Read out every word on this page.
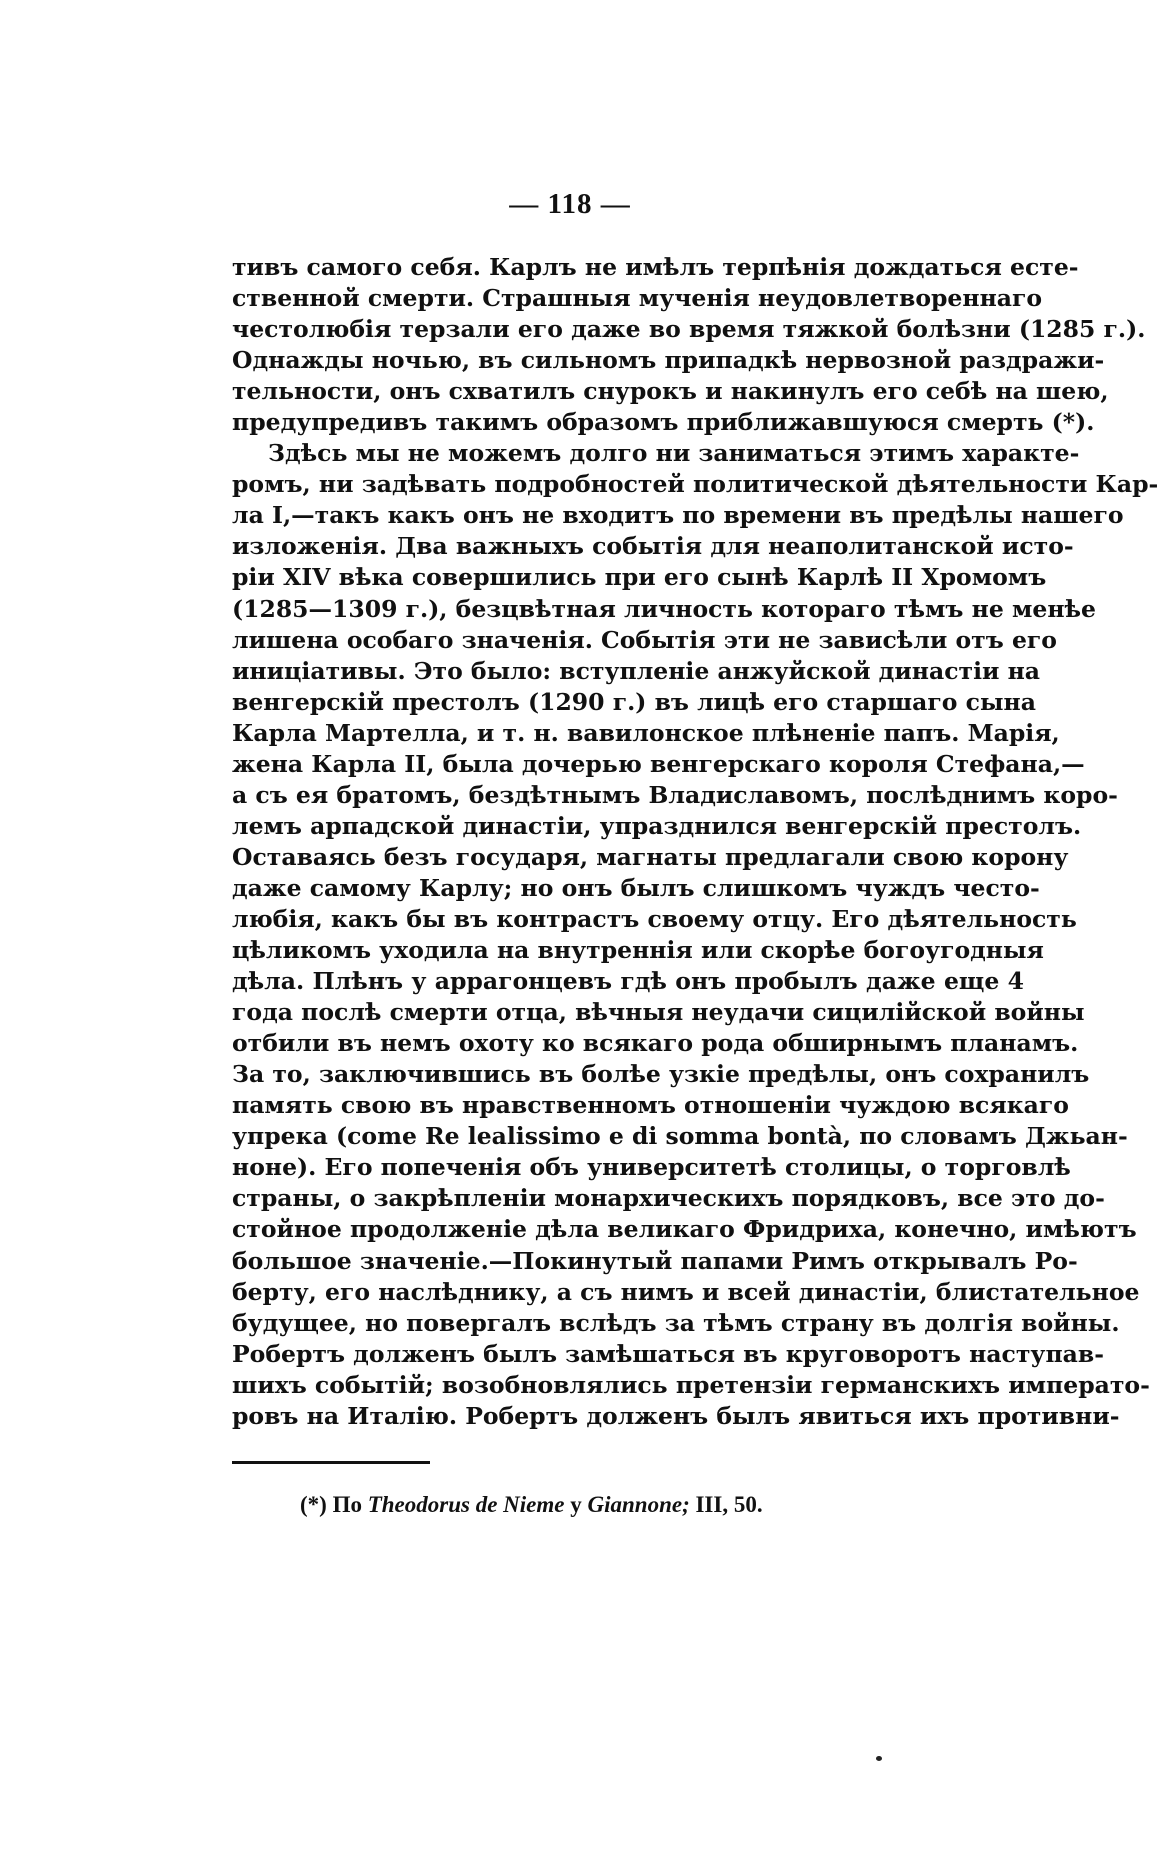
— 118 —
тивъ самого себя. Карлъ не имѣлъ терпѣнія дождаться есте-
ственной смерти. Страшныя мученія неудовлетвореннаго
честолюбія терзали его даже во время тяжкой болѣзни (1285 г.).
Однажды ночью, въ сильномъ припадкѣ нервозной раздражи-
тельности, онъ схватилъ снурокъ и накинулъ его себѣ на шею,
предупредивъ такимъ образомъ приближавшуюся смерть (*).
Здѣсь мы не можемъ долго ни заниматься этимъ характе-
ромъ, ни задѣвать подробностей политической дѣятельности Кар-
ла I,—такъ какъ онъ не входитъ по времени въ предѣлы нашего
изложенія. Два важныхъ событія для неаполитанской исто-
ріи XIV вѣка совершились при его сынѣ Карлѣ II Хромомъ
(1285—1309 г.), безцвѣтная личность котораго тѣмъ не менѣе
лишена особаго значенія. Событія эти не зависѣли отъ его
иниціативы. Это было: вступленіе анжуйской династіи на
венгерскій престолъ (1290 г.) въ лицѣ его старшаго сына
Карла Мартелла, и т. н. вавилонское плѣненіе папъ. Марія,
жена Карла II, была дочерью венгерскаго короля Стефана,—
а съ ея братомъ, бездѣтнымъ Владиславомъ, послѣднимъ коро-
лемъ арпадской династіи, упразднился венгерскій престолъ.
Оставаясь безъ государя, магнаты предлагали свою корону
даже самому Карлу; но онъ былъ слишкомъ чуждъ често-
любія, какъ бы въ контрастъ своему отцу. Его дѣятельность
цѣликомъ уходила на внутреннія или скорѣе богоугодныя
дѣла. Плѣнъ у аррагонцевъ гдѣ онъ пробылъ даже еще 4
года послѣ смерти отца, вѣчныя неудачи сицилійской войны
отбили въ немъ охоту ко всякаго рода обширнымъ планамъ.
За то, заключившись въ болѣе узкіе предѣлы, онъ сохранилъ
память свою въ нравственномъ отношеніи чуждою всякаго
упрека (come Re lealissimo e di somma bontà, по словамъ Джьан-
ноне). Его попеченія объ университетѣ столицы, о торговлѣ
страны, о закрѣпленіи монархическихъ порядковъ, все это до-
стойное продолженіе дѣла великаго Фридриха, конечно, имѣютъ
большое значеніе.—Покинутый папами Римъ открывалъ Ро-
берту, его наслѣднику, а съ нимъ и всей династіи, блистательное
будущее, но повергалъ вслѣдъ за тѣмъ страну въ долгія войны.
Робертъ долженъ былъ замѣшаться въ круговоротъ наступав-
шихъ событій; возобновлялись претензіи германскихъ императо-
ровъ на Италію. Робертъ долженъ былъ явиться ихъ противни-
(*) По Theodorus de Nieme у Giannone; III, 50.
